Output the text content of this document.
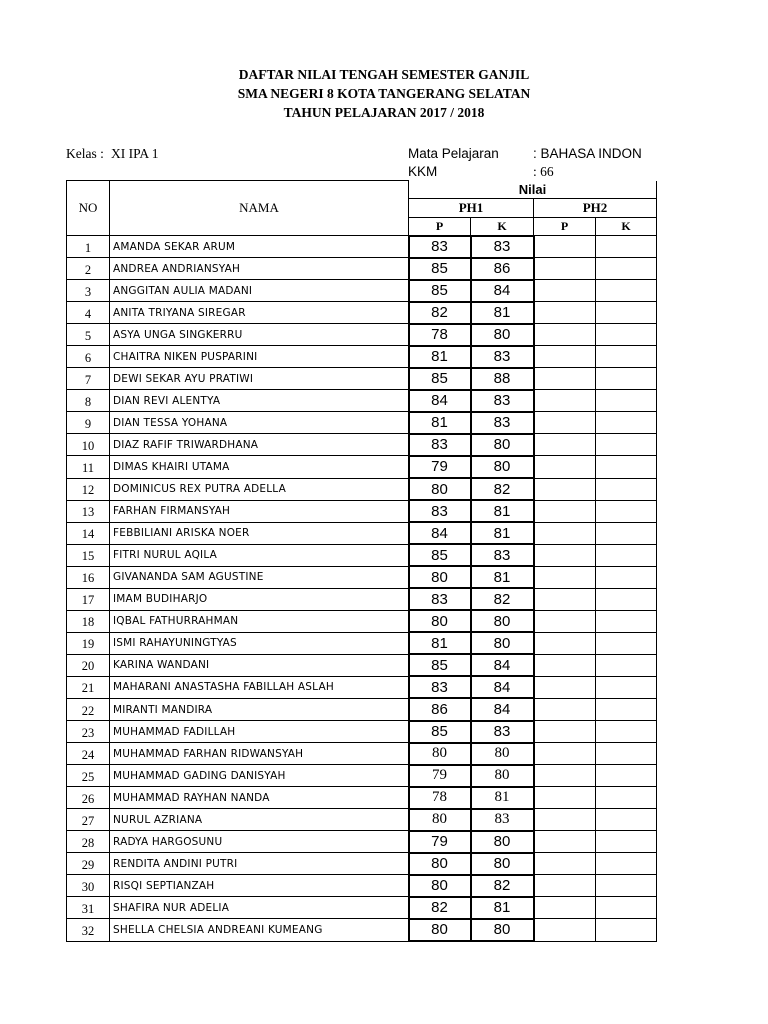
DAFTAR NILAI TENGAH SEMESTER GANJIL
SMA NEGERI 8 KOTA TANGERANG SELATAN
TAHUN PELAJARAN 2017 / 2018
Kelas : XI IPA 1	Mata Pelajaran	: BAHASA INDON
KKM	: 66
NO	NAMA	Nilai			
		PH1		PH2	
		P	K	P	K
1	AMANDA SEKAR ARUM	83	83		
2	ANDREA ANDRIANSYAH	85	86		
3	ANGGITAN AULIA MADANI	85	84		
4	ANITA TRIYANA SIREGAR	82	81		
5	ASYA UNGA SINGKERRU	78	80		
6	CHAITRA NIKEN PUSPARINI	81	83		
7	DEWI SEKAR AYU PRATIWI	85	88		
8	DIAN REVI ALENTYA	84	83		
9	DIAN TESSA YOHANA	81	83		
10	DIAZ RAFIF TRIWARDHANA	83	80		
11	DIMAS KHAIRI UTAMA	79	80		
12	DOMINICUS REX PUTRA ADELLA	80	82		
13	FARHAN FIRMANSYAH	83	81		
14	FEBBILIANI ARISKA NOER	84	81		
15	FITRI NURUL AQILA	85	83		
16	GIVANANDA SAM AGUSTINE	80	81		
17	IMAM BUDIHARJO	83	82		
18	IQBAL FATHURRAHMAN	80	80		
19	ISMI RAHAYUNINGTYAS	81	80		
20	KARINA WANDANI	85	84		
21	MAHARANI ANASTASHA FABILLAH ASLAH	83	84		
22	MIRANTI MANDIRA	86	84		
23	MUHAMMAD FADILLAH	85	83		
24	MUHAMMAD FARHAN RIDWANSYAH	80	80		
25	MUHAMMAD GADING DANISYAH	79	80		
26	MUHAMMAD RAYHAN NANDA	78	81		
27	NURUL AZRIANA	80	83		
28	RADYA HARGOSUNU	79	80		
29	RENDITA ANDINI PUTRI	80	80		
30	RISQI SEPTIANZAH	80	82		
31	SHAFIRA NUR ADELIA	82	81		
32	SHELLA CHELSIA ANDREANI KUMEANG	80	80		
